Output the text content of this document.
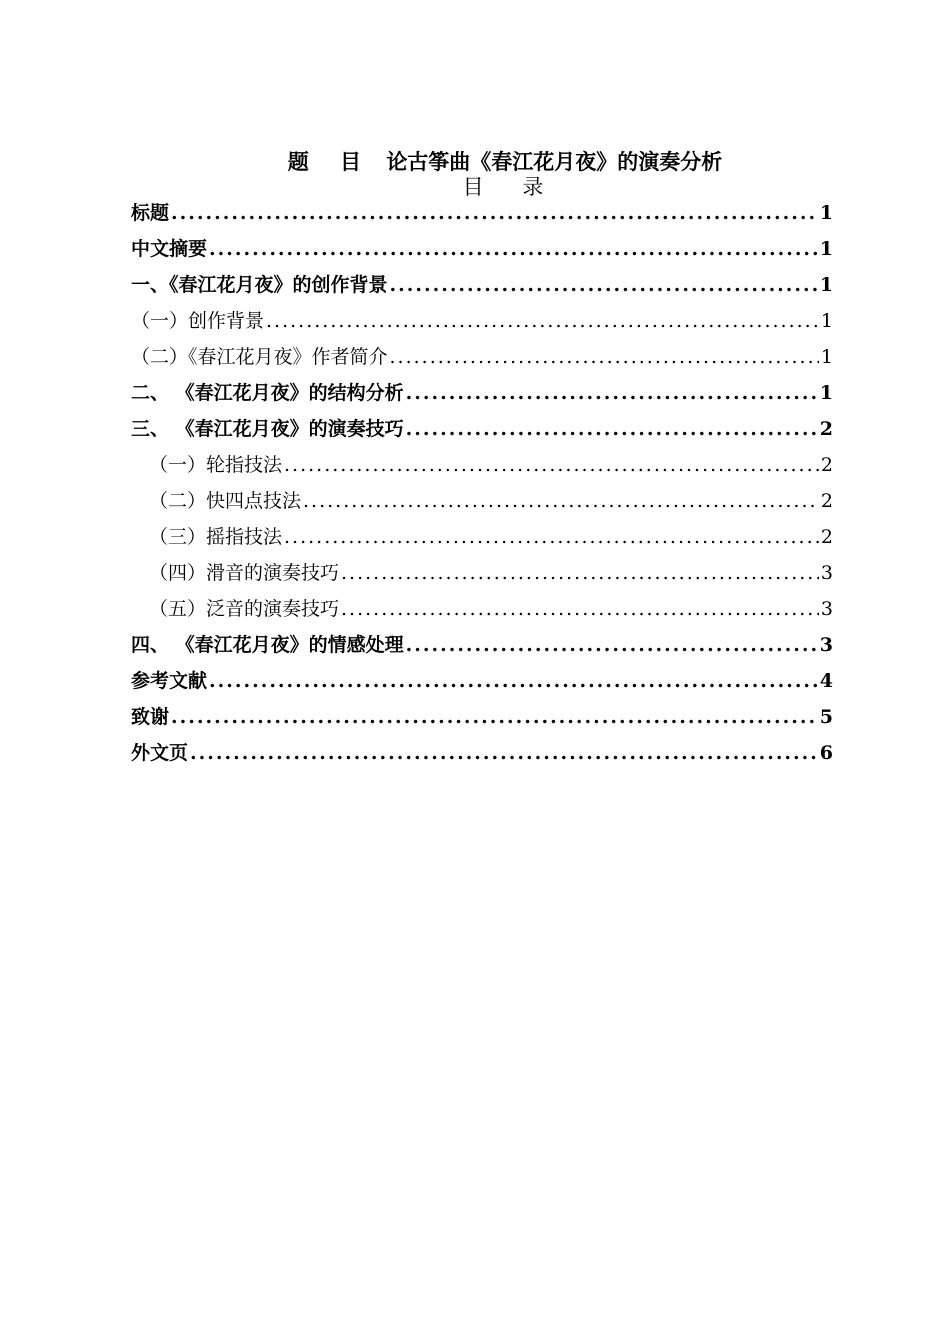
题 目 论古筝曲《春江花月夜》的演奏分析
目 录
标题 .....	1
中文摘要 .....	1
一、《春江花月夜》的创作背景 .....	1
（一）创作背景 .....	1
（二）《春江花月夜》作者简介 .....	1
二、 《春江花月夜》的结构分析 .....	1
三、 《春江花月夜》的演奏技巧 .....	2
（一）轮指技法 .....	2
（二）快四点技法 .....	2
（三）摇指技法 .....	2
（四）滑音的演奏技巧 .....	3
（五）泛音的演奏技巧 .....	3
四、 《春江花月夜》的情感处理 .....	3
参考文献 .....	4
致谢 .....	5
外文页 .....	6
